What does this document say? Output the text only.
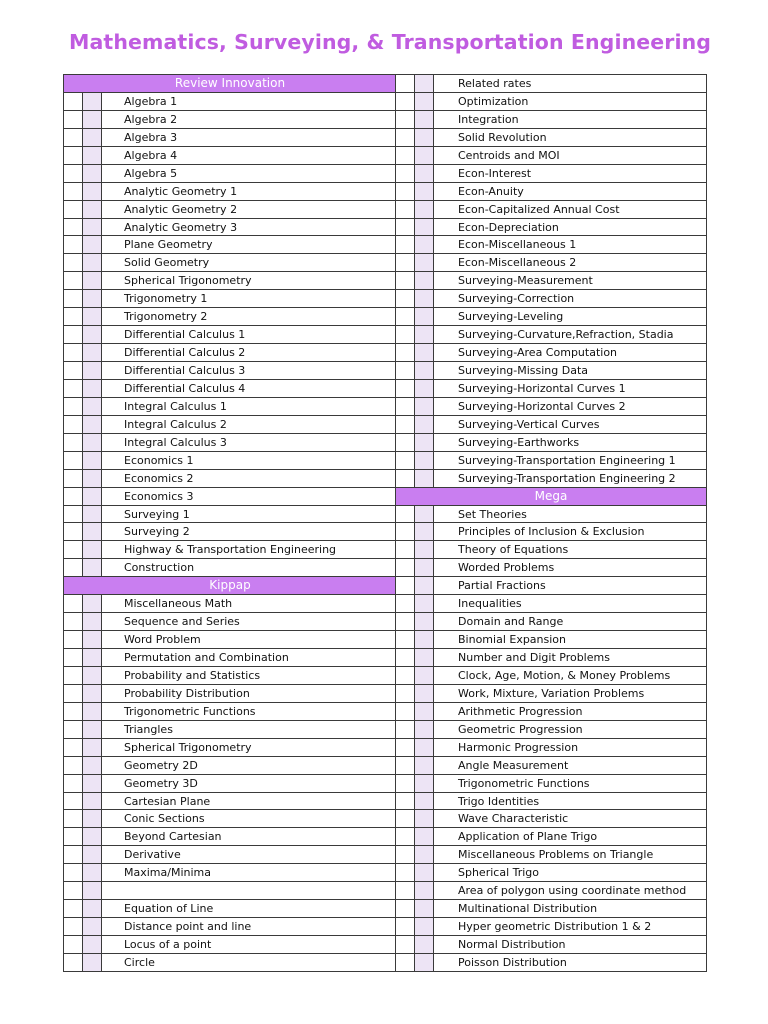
Mathematics, Surveying, & Transportation Engineering
Review Innovation
Algebra 1
Algebra 2
Algebra 3
Algebra 4
Algebra 5
Analytic Geometry 1
Analytic Geometry 2
Analytic Geometry 3
Plane Geometry
Solid Geometry
Spherical Trigonometry
Trigonometry 1
Trigonometry 2
Differential Calculus 1
Differential Calculus 2
Differential Calculus 3
Differential Calculus 4
Integral Calculus 1
Integral Calculus 2
Integral Calculus 3
Economics 1
Economics 2
Economics 3
Surveying 1
Surveying 2
Highway & Transportation Engineering
Construction
Kippap
Miscellaneous Math
Sequence and Series
Word Problem
Permutation and Combination
Probability and Statistics
Probability Distribution
Trigonometric Functions
Triangles
Spherical Trigonometry
Geometry 2D
Geometry 3D
Cartesian Plane
Conic Sections
Beyond Cartesian
Derivative
Maxima/Minima
Equation of Line
Distance point and line
Locus of a point
Circle
Related rates
Optimization
Integration
Solid Revolution
Centroids and MOI
Econ-Interest
Econ-Anuity
Econ-Capitalized Annual Cost
Econ-Depreciation
Econ-Miscellaneous 1
Econ-Miscellaneous 2
Surveying-Measurement
Surveying-Correction
Surveying-Leveling
Surveying-Curvature,Refraction, Stadia
Surveying-Area Computation
Surveying-Missing Data
Surveying-Horizontal Curves 1
Surveying-Horizontal Curves 2
Surveying-Vertical Curves
Surveying-Earthworks
Surveying-Transportation Engineering 1
Surveying-Transportation Engineering 2
Mega
Set Theories
Principles of Inclusion & Exclusion
Theory of Equations
Worded Problems
Partial Fractions
Inequalities
Domain and Range
Binomial Expansion
Number and Digit Problems
Clock, Age, Motion, & Money Problems
Work, Mixture, Variation Problems
Arithmetic Progression
Geometric Progression
Harmonic Progression
Angle Measurement
Trigonometric Functions
Trigo Identities
Wave Characteristic
Application of Plane Trigo
Miscellaneous Problems on Triangle
Spherical Trigo
Area of polygon using coordinate method
Multinational Distribution
Hyper geometric Distribution 1 & 2
Normal Distribution
Poisson Distribution
